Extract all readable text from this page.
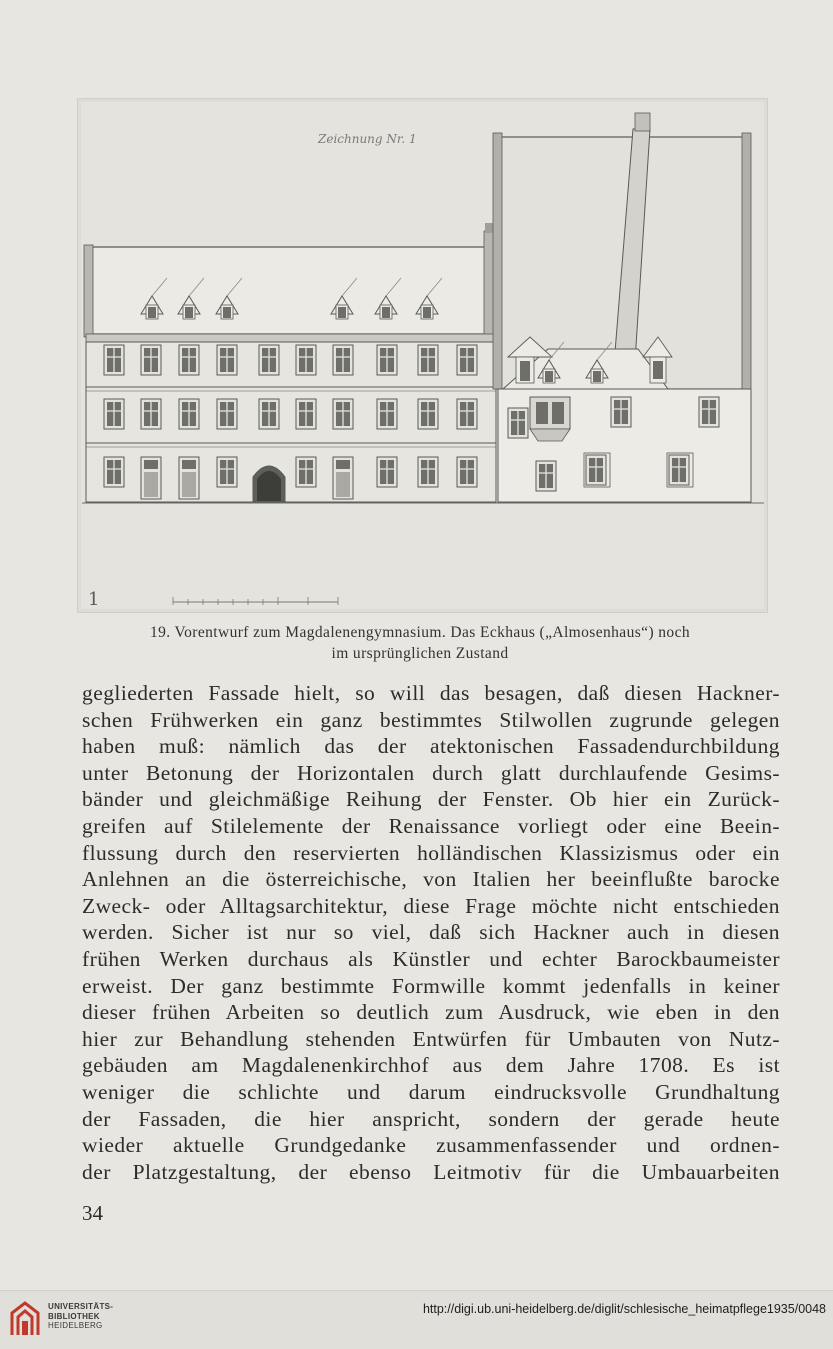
Zeichnung Nr. 1
1
19. Vorentwurf zum Magdalenengymnasium. Das Eckhaus („Almosenhaus“) noch
im ursprünglichen Zustand

gegliederten Fassade hielt, so will das besagen, daß diesen Hackner-
schen Frühwerken ein ganz bestimmtes Stilwollen zugrunde gelegen
haben muß: nämlich das der atektonischen Fassadendurchbildung
unter Betonung der Horizontalen durch glatt durchlaufende Gesims-
bänder und gleichmäßige Reihung der Fenster. Ob hier ein Zurück-
greifen auf Stilelemente der Renaissance vorliegt oder eine Beein-
flussung durch den reservierten holländischen Klassizismus oder ein
Anlehnen an die österreichische, von Italien her beeinflußte barocke
Zweck- oder Alltagsarchitektur, diese Frage möchte nicht entschieden
werden. Sicher ist nur so viel, daß sich Hackner auch in diesen
frühen Werken durchaus als Künstler und echter Barockbaumeister
erweist. Der ganz bestimmte Formwille kommt jedenfalls in keiner
dieser frühen Arbeiten so deutlich zum Ausdruck, wie eben in den
hier zur Behandlung stehenden Entwürfen für Umbauten von Nutz-
gebäuden am Magdalenenkirchhof aus dem Jahre 1708. Es ist
weniger die schlichte und darum eindrucksvolle Grundhaltung
der Fassaden, die hier anspricht, sondern der gerade heute
wieder aktuelle Grundgedanke zusammenfassender und ordnen-
der Platzgestaltung, der ebenso Leitmotiv für die Umbauarbeiten

34
UNIVERSITÄTS-
BIBLIOTHEK
HEIDELBERG
http://digi.ub.uni-heidelberg.de/diglit/schlesische_heimatpflege1935/0048
